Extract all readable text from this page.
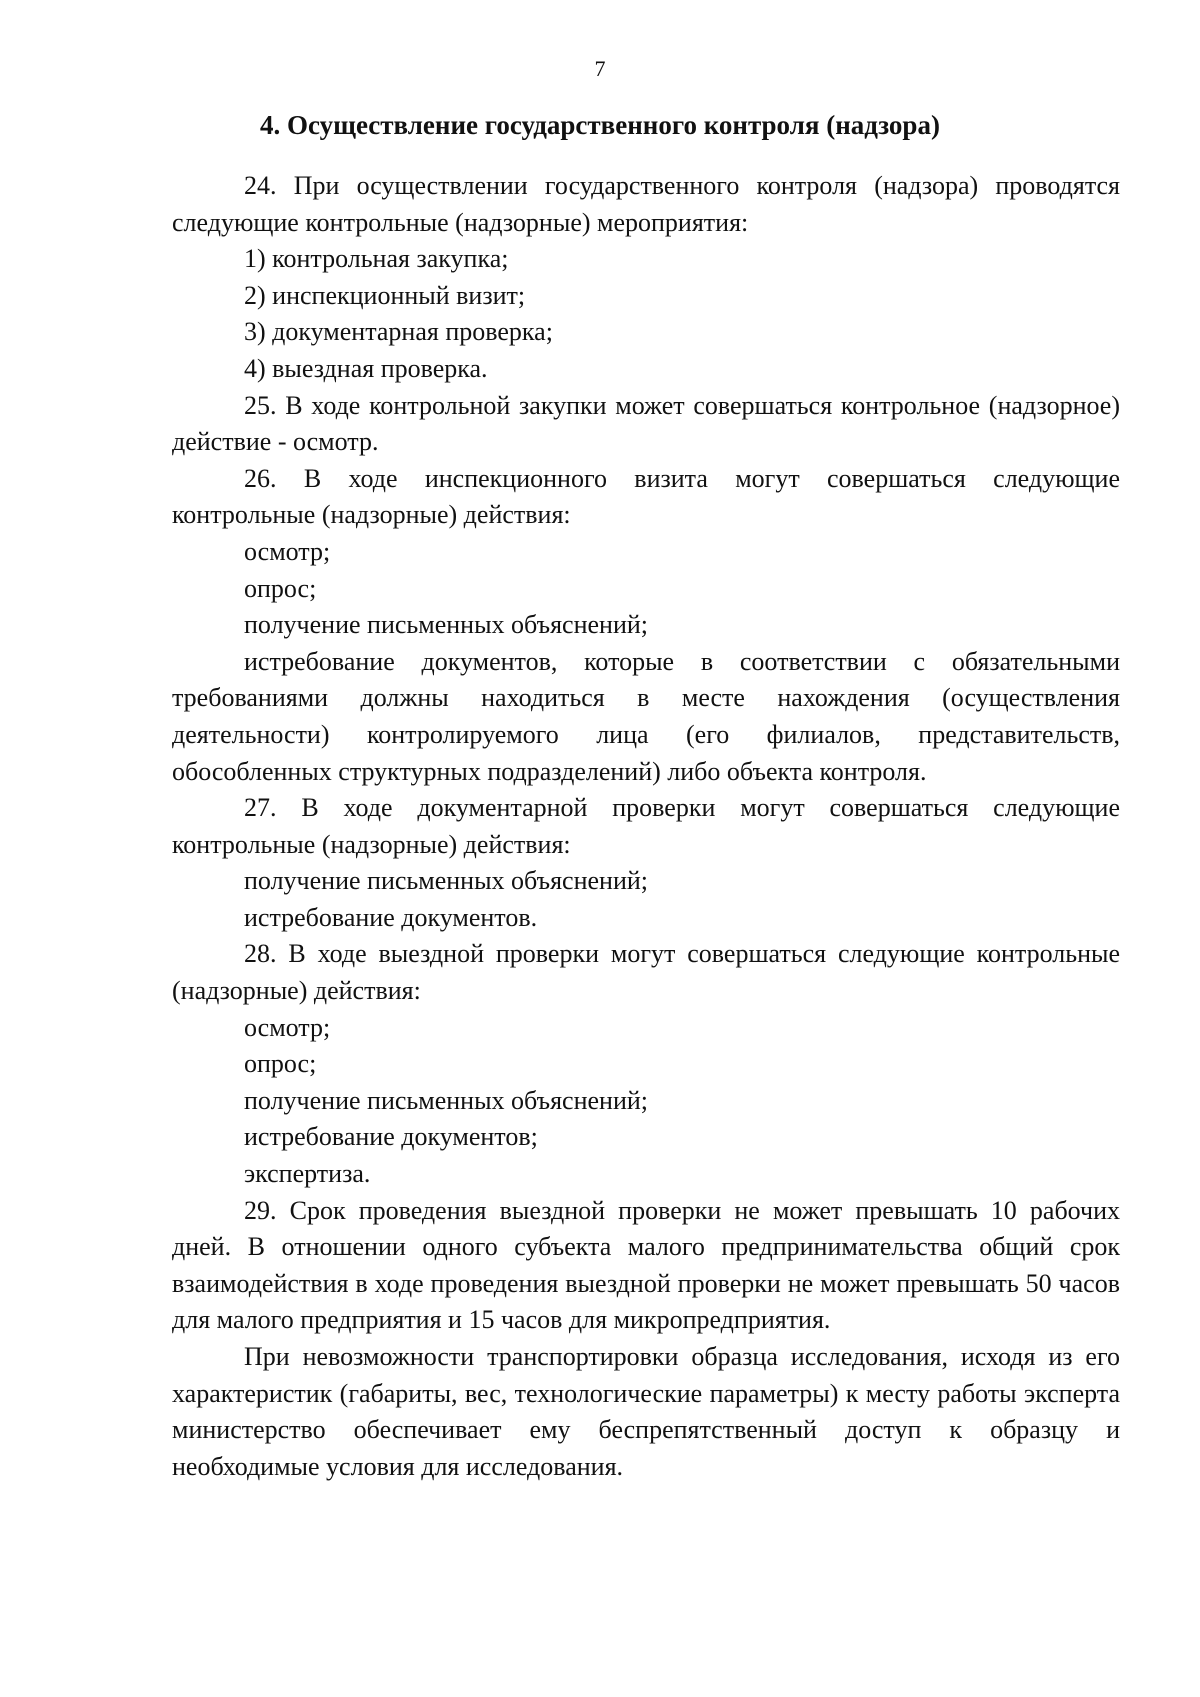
7
4. Осуществление государственного контроля (надзора)

24. При осуществлении государственного контроля (надзора) проводятся следующие контрольные (надзорные) мероприятия:

1) контрольная закупка;

2) инспекционный визит;

3) документарная проверка;

4) выездная проверка.

25. В ходе контрольной закупки может совершаться контрольное (надзорное) действие - осмотр.

26. В ходе инспекционного визита могут совершаться следующие контрольные (надзорные) действия:

осмотр;

опрос;

получение письменных объяснений;

истребование документов, которые в соответствии с обязательными требованиями должны находиться в месте нахождения (осуществления деятельности) контролируемого лица (его филиалов, представительств, обособленных структурных подразделений) либо объекта контроля.

27. В ходе документарной проверки могут совершаться следующие контрольные (надзорные) действия:

получение письменных объяснений;

истребование документов.

28. В ходе выездной проверки могут совершаться следующие контрольные (надзорные) действия:

осмотр;

опрос;

получение письменных объяснений;

истребование документов;

экспертиза.

29. Срок проведения выездной проверки не может превышать 10 рабочих дней. В отношении одного субъекта малого предпринимательства общий срок взаимодействия в ходе проведения выездной проверки не может превышать 50 часов для малого предприятия и 15 часов для микропредприятия.

При невозможности транспортировки образца исследования, исходя из его характеристик (габариты, вес, технологические параметры) к месту работы эксперта министерство обеспечивает ему беспрепятственный доступ к образцу и необходимые условия для исследования.
